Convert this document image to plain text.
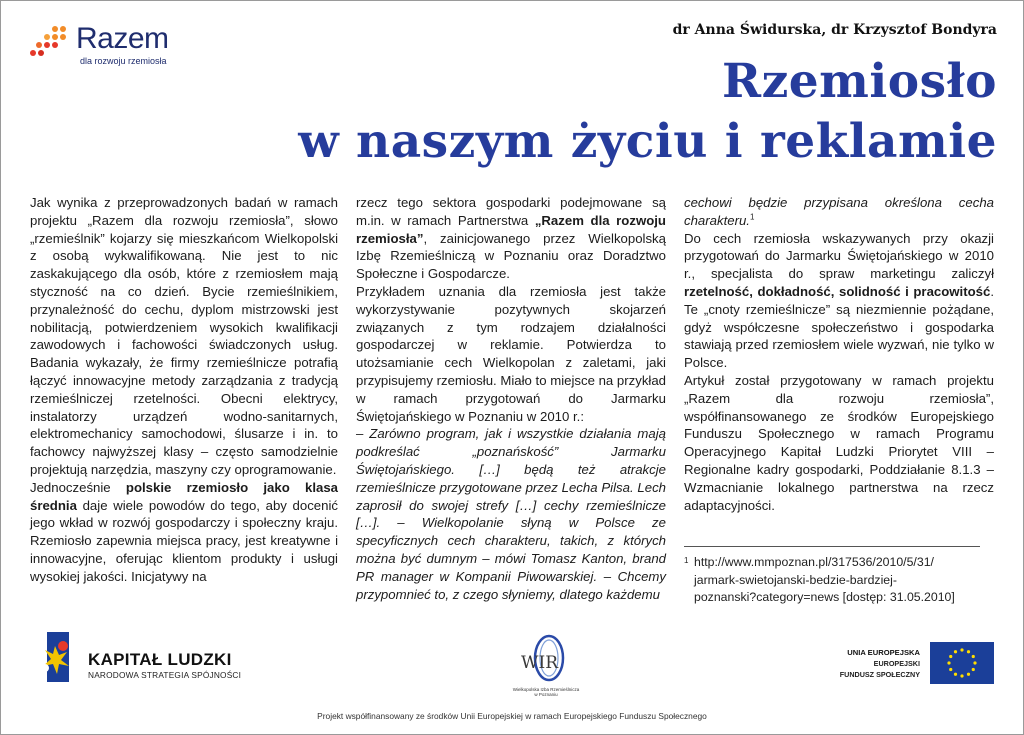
Razem
dla rozwoju rzemiosła
dr Anna Świdurska, dr Krzysztof Bondyra
Rzemiosło
w naszym życiu i reklamie

Jak wynika z przeprowadzonych badań w ramach projektu „Razem dla rozwoju rzemiosła”, słowo „rzemieślnik” kojarzy się mieszkańcom Wielkopolski z osobą wykwalifikowaną. Nie jest to nic zaskakującego dla osób, które z rzemiosłem mają styczność na co dzień. Bycie rzemieślnikiem, przynależność do cechu, dyplom mistrzowski jest nobilitacją, potwierdzeniem wysokich kwalifikacji zawodowych i fachowości świadczonych usług. Badania wykazały, że firmy rzemieślnicze potrafią łączyć innowacyjne metody zarządzania z tradycją rzemieślniczej rzetelności. Obecni elektrycy, instalatorzy urządzeń wodno-sanitarnych, elektromechanicy samochodowi, ślusarze i in. to fachowcy najwyższej klasy – często samodzielnie projektują narzędzia, maszyny czy oprogramowanie.

Jednocześnie polskie rzemiosło jako klasa średnia daje wiele powodów do tego, aby docenić jego wkład w rozwój gospodarczy i społeczny kraju. Rzemiosło zapewnia miejsca pracy, jest kreatywne i innowacyjne, oferując klientom produkty i usługi wysokiej jakości. Inicjatywy na

rzecz tego sektora gospodarki podejmowane są m.in. w ramach Partnerstwa „Razem dla rozwoju rzemiosła”, zainicjowanego przez Wielkopolską Izbę Rzemieślniczą w Poznaniu oraz Doradztwo Społeczne i Gospodarcze.

Przykładem uznania dla rzemiosła jest także wykorzystywanie pozytywnych skojarzeń związanych z tym rodzajem działalności gospodarczej w reklamie. Potwierdza to utożsamianie cech Wielkopolan z zaletami, jaki przypisujemy rzemiosłu. Miało to miejsce na przykład w ramach przygotowań do Jarmarku Świętojańskiego w Poznaniu w 2010 r.:

– Zarówno program, jak i wszystkie działania mają podkreślać „poznańskość” Jarmarku Świętojańskiego. […] będą też atrakcje rzemieślnicze przygotowane przez Lecha Pilsa. Lech zaprosił do swojej strefy […] cechy rzemieślnicze […]. – Wielkopolanie słyną w Polsce ze specyficznych cech charakteru, takich, z których można być dumnym – mówi Tomasz Kanton, brand PR manager w Kompanii Piwowarskiej. – Chcemy przypomnieć to, z czego słyniemy, dlatego każdemu

cechowi będzie przypisana określona cecha charakteru.$^1$

Do cech rzemiosła wskazywanych przy okazji przygotowań do Jarmarku Świętojańskiego w 2010 r., specjalista do spraw marketingu zaliczył rzetelność, dokładność, solidność i pracowitość. Te „cnoty rzemieślnicze” są niezmiennie pożądane, gdyż współczesne społeczeństwo i gospodarka stawiają przed rzemiosłem wiele wyzwań, nie tylko w Polsce.

Artykuł został przygotowany w ramach projektu „Razem dla rozwoju rzemiosła”, współfinansowanego ze środków Europejskiego Funduszu Społecznego w ramach Programu Operacyjnego Kapitał Ludzki Priorytet VIII – Regionalne kadry gospodarki, Poddziałanie 8.1.3 – Wzmacnianie lokalnego partnerstwa na rzecz adaptacyjności.

1 http://www.mmpoznan.pl/317536/2010/5/31/
jarmark-swietojanski-bedzie-bardziej-
poznanski?category=news [dostęp: 31.05.2010]
KAPITAŁ LUDZKI
NARODOWA STRATEGIA SPÓJNOŚCI
WIR
Wielkopolska Izba Rzemieślnicza w Poznaniu
UNIA EUROPEJSKA
EUROPEJSKI
FUNDUSZ SPOŁECZNY
Projekt współfinansowany ze środków Unii Europejskiej w ramach Europejskiego Funduszu Społecznego
